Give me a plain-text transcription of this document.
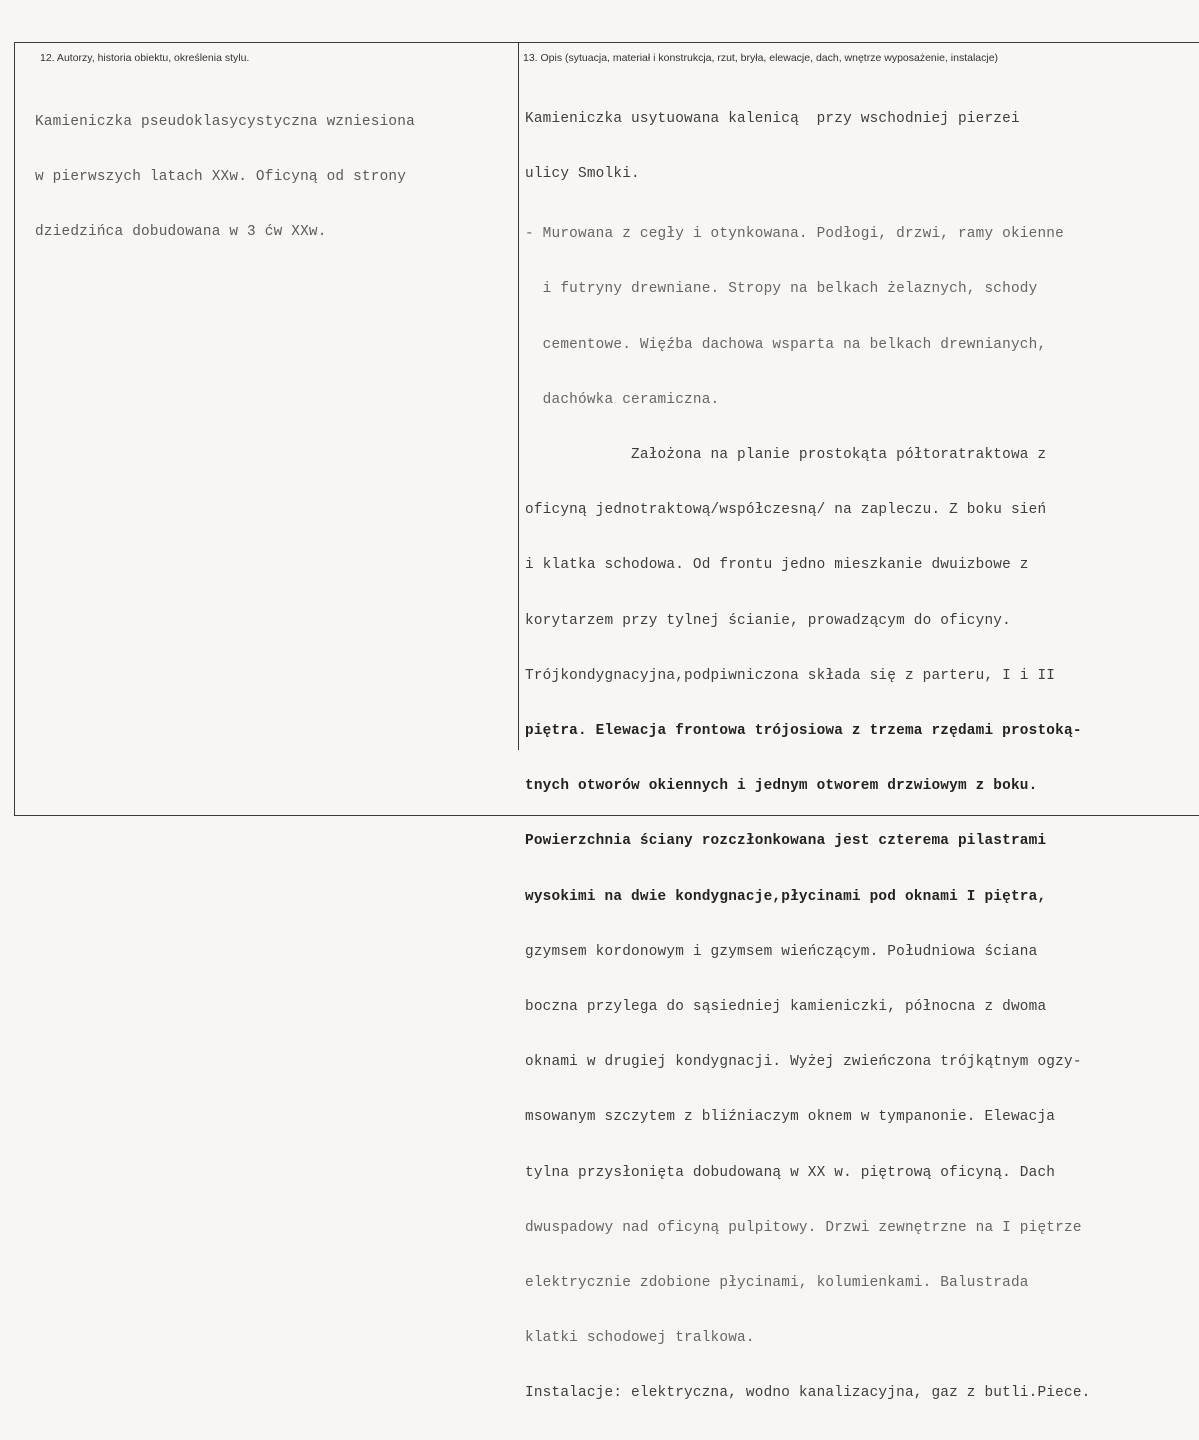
12. Autorzy, historia obiektu, określenia stylu.	13. Opis (sytuacja, materiał i konstrukcja, rzut, bryła, elewacje, dach, wnętrze wyposażenie, instalacje)

Kamieniczka pseudoklasycystyczna wzniesiona

w pierwszych latach XXw. Oficyną od strony

dziedzińca dobudowana w 3 ćw XXw.

Kamieniczka usytuowana kalenicą  przy wschodniej pierzei

ulicy Smolki.

- Murowana z cegły i otynkowana. Podłogi, drzwi, ramy okienne

i futryny drewniane. Stropy na belkach żelaznych, schody

cementowe. Więźba dachowa wsparta na belkach drewnianych,

dachówka ceramiczna.

Założona na planie prostokąta półtoratraktowa z

oficyną jednotraktową/współczesną/ na zapleczu. Z boku sień

i klatka schodowa. Od frontu jedno mieszkanie dwuizbowe z

korytarzem przy tylnej ścianie, prowadzącym do oficyny.

Trójkondygnacyjna,podpiwniczona składa się z parteru, I i II

piętra. Elewacja frontowa trójosiowa z trzema rzędami prostoką-

tnych otworów okiennych i jednym otworem drzwiowym z boku.

Powierzchnia ściany rozczłonkowana jest czterema pilastrami

wysokimi na dwie kondygnacje,płycinami pod oknami I piętra,

gzymsem kordonowym i gzymsem wieńczącym. Południowa ściana

boczna przylega do sąsiedniej kamieniczki, północna z dwoma

oknami w drugiej kondygnacji. Wyżej zwieńczona trójkątnym ogzy-

msowanym szczytem z bliźniaczym oknem w tympanonie. Elewacja

tylna przysłonięta dobudowaną w XX w. piętrową oficyną. Dach

dwuspadowy nad oficyną pulpitowy. Drzwi zewnętrzne na I piętrze

elektrycznie zdobione płycinami, kolumienkami. Balustrada

klatki schodowej tralkowa.

Instalacje: elektryczna, wodno kanalizacyjna, gaz z butli.Piece.
